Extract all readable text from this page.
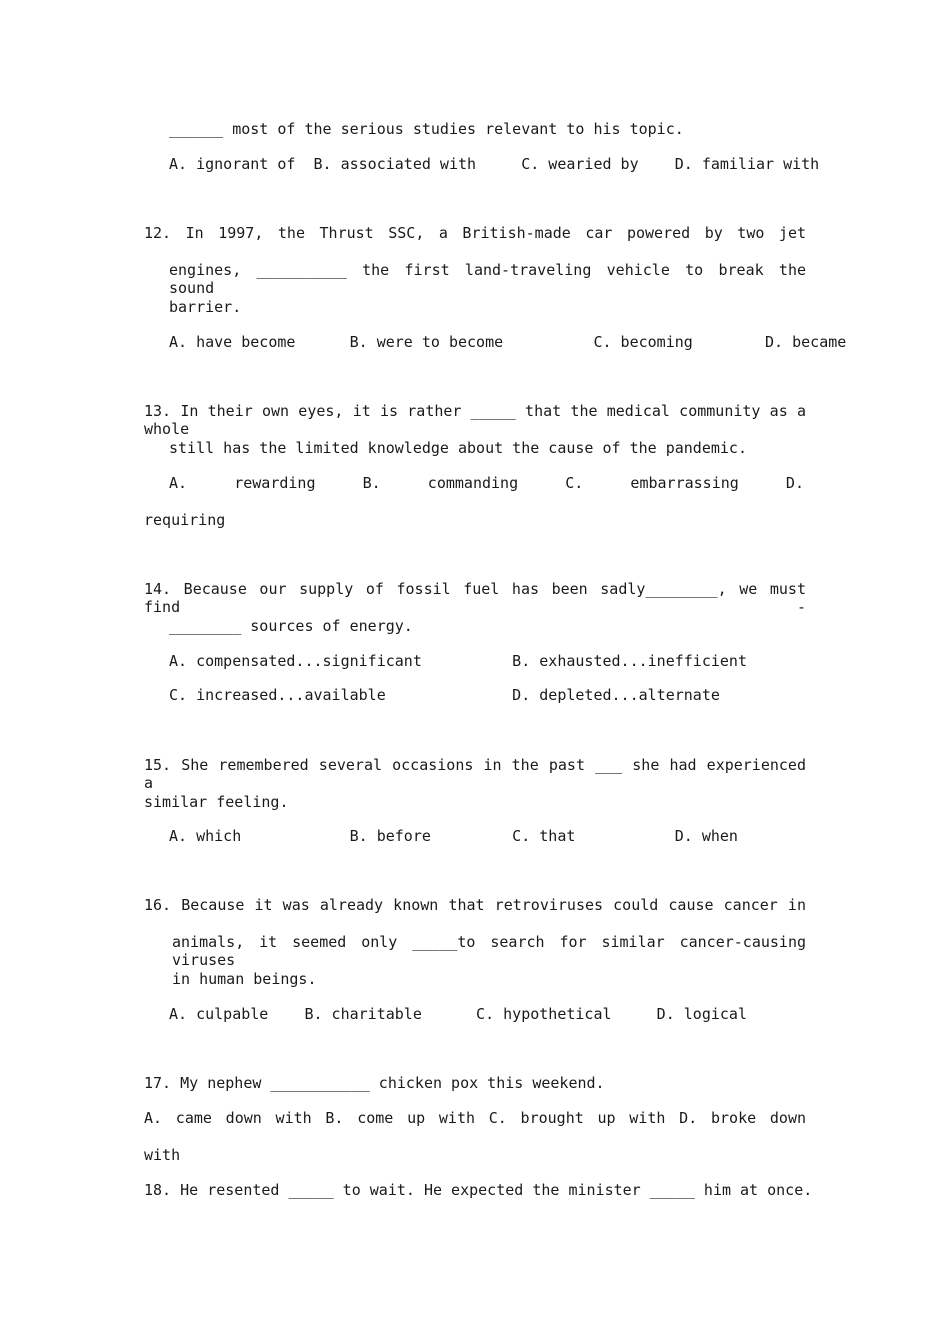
______ most of the serious studies relevant to his topic.
A. ignorant of  B. associated with     C. wearied by    D. familiar with
12. In 1997, the Thrust SSC, a British-made car powered by two jet
engines, __________ the first land-traveling vehicle to break the sound
barrier.
A. have become      B. were to become          C. becoming        D. became
13. In their own eyes, it is rather _____ that the medical community as a whole
still has the limited knowledge about the cause of the pandemic.
A. rewarding B. commanding C. embarrassing D.
requiring
14. Because our supply of fossil fuel has been sadly________, we must find -
________ sources of energy.
A. compensated...significant          B. exhausted...inefficient
C. increased...available              D. depleted...alternate
15. She remembered several occasions in the past ___ she had experienced a
similar feeling.
A. which            B. before         C. that           D. when
16. Because it was already known that retroviruses could cause cancer in
animals, it seemed only _____to search for similar cancer-causing viruses
in human beings.
A. culpable    B. charitable      C. hypothetical     D. logical
17. My nephew ___________ chicken pox this weekend.
A. came down with B. come up with C. brought up with D. broke down
with
18. He resented _____ to wait. He expected the minister _____ him at once.
